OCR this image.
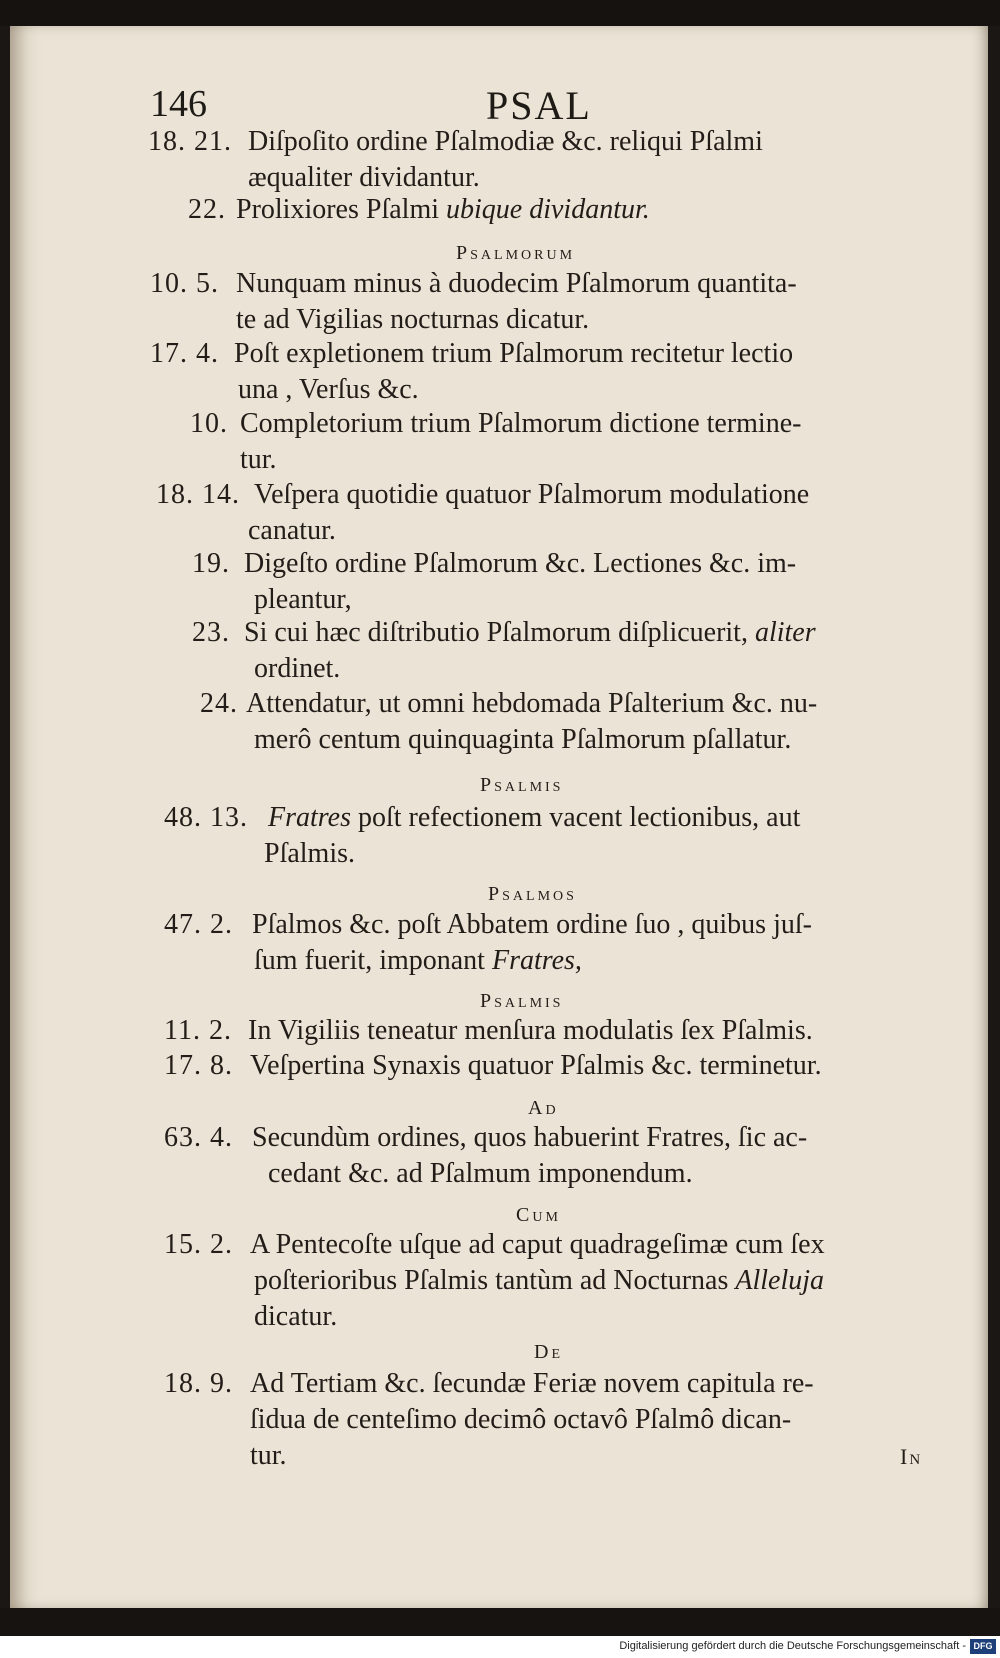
146	PSAL
18. 21. Diſpoſito ordine Pſalmodiæ &c. reliqui Pſalmi
æqualiter dividantur.
22. Prolixiores Pſalmi ubique dividantur.
Psalmorum
10. 5. Nunquam minus à duodecim Pſalmorum quantita-
te ad Vigilias nocturnas dicatur.
17. 4. Poſt expletionem trium Pſalmorum recitetur lectio
una , Verſus &c.
10. Completorium trium Pſalmorum dictione termine-
tur.
18. 14. Veſpera quotidie quatuor Pſalmorum modulatione
canatur.
19. Digeſto ordine Pſalmorum &c. Lectiones &c. im-
pleantur,
23. Si cui hæc diſtributio Pſalmorum diſplicuerit, aliter
ordinet.
24. Attendatur, ut omni hebdomada Pſalterium &c. nu-
merô centum quinquaginta Pſalmorum pſallatur.
Psalmis
48. 13. Fratres poſt refectionem vacent lectionibus, aut
Pſalmis.
Psalmos
47. 2. Pſalmos &c. poſt Abbatem ordine ſuo , quibus juſ-
ſum fuerit, imponant Fratres,
Psalmis
11. 2. In Vigiliis teneatur menſura modulatis ſex Pſalmis.
17. 8. Veſpertina Synaxis quatuor Pſalmis &c. terminetur.
Ad
63. 4. Secundùm ordines, quos habuerint Fratres, ſic ac-
cedant &c. ad Pſalmum imponendum.
Cum
15. 2. A Pentecoſte uſque ad caput quadrageſimæ cum ſex
poſterioribus Pſalmis tantùm ad Nocturnas Alleluja
dicatur.
De
18. 9. Ad Tertiam &c. ſecundæ Feriæ novem capitula re-
ſidua de centeſimo decimô octavô Pſalmô dican-
tur.	In
Digitalisierung gefördert durch die Deutsche Forschungsgemeinschaft - DFG
